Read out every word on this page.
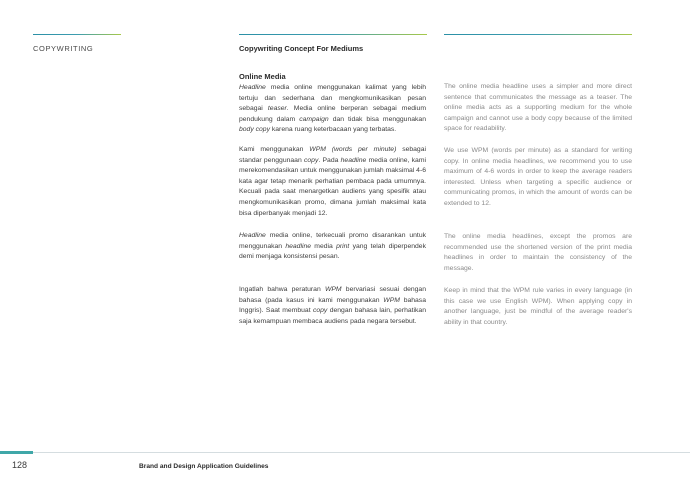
COPYWRITING	Copywriting Concept For Mediums
Online Media

Headline media online menggunakan kalimat yang lebih tertuju dan sederhana dan mengkomunikasikan pesan sebagai teaser. Media online berperan sebagai medium pendukung dalam campaign dan tidak bisa menggunakan body copy karena ruang keterbacaan yang terbatas.

Kami menggunakan WPM (words per minute) sebagai standar penggunaan copy. Pada headline media online, kami merekomendasikan untuk menggunakan jumlah maksimal 4-6 kata agar tetap menarik perhatian pembaca pada umumnya. Kecuali pada saat menargetkan audiens yang spesifik atau mengkomunikasikan promo, dimana jumlah maksimal kata bisa diperbanyak menjadi 12.

Headline media online, terkecuali promo disarankan untuk menggunakan headline media print yang telah diperpendek demi menjaga konsistensi pesan.

Ingatlah bahwa peraturan WPM bervariasi sesuai dengan bahasa (pada kasus ini kami menggunakan WPM bahasa Inggris). Saat membuat copy dengan bahasa lain, perhatikan saja kemampuan membaca audiens pada negara tersebut.

The online media headline uses a simpler and more direct sentence that communicates the message as a teaser. The online media acts as a supporting medium for the whole campaign and cannot use a body copy because of the limited space for readability.

We use WPM (words per minute) as a standard for writing copy. In online media headlines, we recommend you to use maximum of 4-6 words in order to keep the average readers interested. Unless when targeting a specific audience or communicating promos, in which the amount of words can be extended to 12.

The online media headlines, except the promos are recommended use the shortened version of the print media headlines in order to maintain the consistency of the message.

Keep in mind that the WPM rule varies in every language (in this case we use English WPM). When applying copy in another language, just be mindful of the average reader's ability in that country.

128	Brand and Design Application Guidelines
